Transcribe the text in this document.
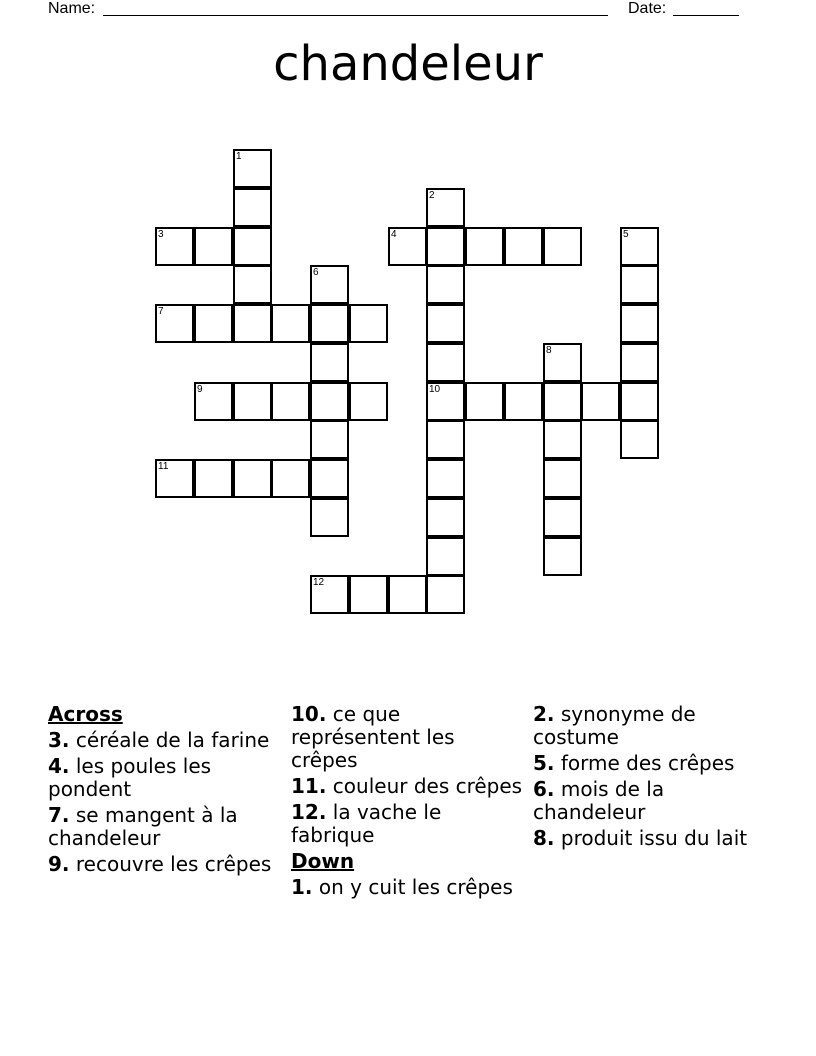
Name:	Date:
chandeleur
1
2
10
3	4	5
6
7
8
9
11
12
Across
3. céréale de la farine
4. les poules les pondent
7. se mangent à la chandeleur
9. recouvre les crêpes
10. ce que représentent les crêpes
11. couleur des crêpes
12. la vache le fabrique
Down
1. on y cuit les crêpes
2. synonyme de costume
5. forme des crêpes
6. mois de la chandeleur
8. produit issu du lait
